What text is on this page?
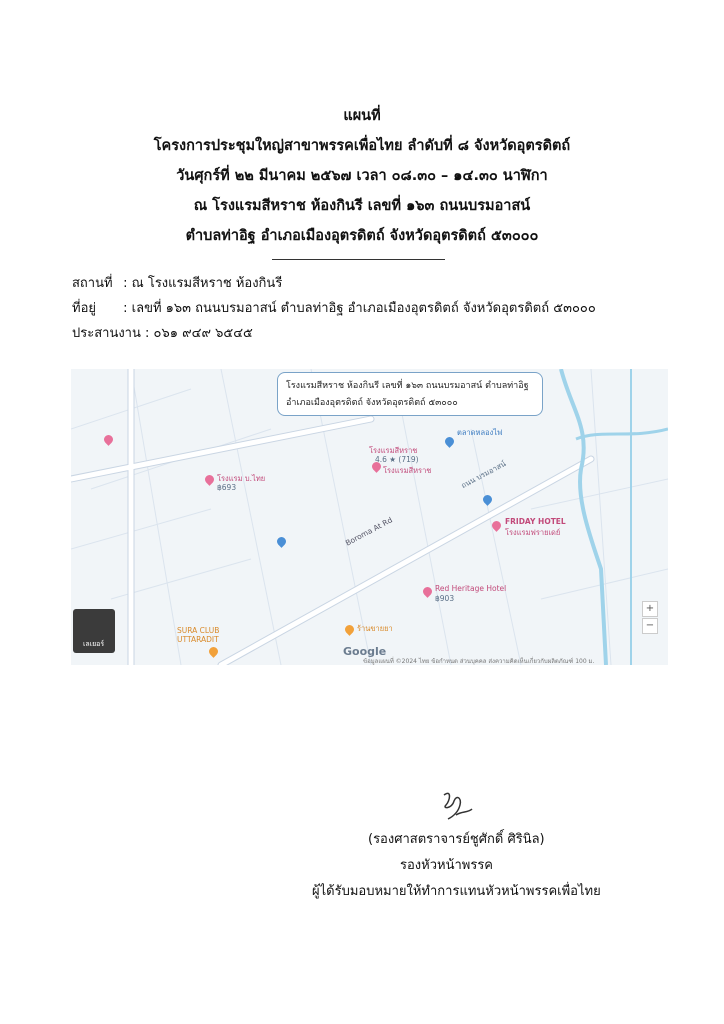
แผนที่
โครงการประชุมใหญ่สาขาพรรคเพื่อไทย ลำดับที่ ๘ จังหวัดอุตรดิตถ์
วันศุกร์ที่ ๒๒ มีนาคม ๒๕๖๗ เวลา ๐๘.๓๐ – ๑๔.๓๐ นาฬิกา
ณ โรงแรมสีหราช ห้องกินรี เลขที่ ๑๖๓ ถนนบรมอาสน์
ตำบลท่าอิฐ อำเภอเมืองอุตรดิตถ์ จังหวัดอุตรดิตถ์ ๕๓๐๐๐
สถานที่ : ณ โรงแรมสีหราช ห้องกินรี
ที่อยู่ : เลขที่ ๑๖๓ ถนนบรมอาสน์ ตำบลท่าอิฐ อำเภอเมืองอุตรดิตถ์ จังหวัดอุตรดิตถ์ ๕๓๐๐๐
ประสานงาน : ๐๖๑ ๙๔๙ ๖๕๔๕
โรงแรมสีหราช ห้องกินรี เลขที่ ๑๖๓ ถนนบรมอาสน์ ตำบลท่าอิฐ
อำเภอเมืองอุตรดิตถ์ จังหวัดอุตรดิตถ์ ๕๓๐๐๐
โรงแรมสีหราช
4.6 ★ (719)
โรงแรมสีหราช
FRIDAY HOTEL
โรงแรมฟรายเดย์
Red Heritage Hotel
฿903
โรงแรม บ.ไทย
฿693
Boroma At Rd
ถนน บรมอาสน์
SURA CLUB
UTTARADIT
ร้านขายยา
ตลาดหลองไฟ
Google
เลเยอร์
+
−
ข้อมูลแผนที่ ©2024 ไทย ข้อกำหนด ส่วนบุคคล ส่งความคิดเห็นเกี่ยวกับผลิตภัณฑ์ 100 ม.
(รองศาสตราจารย์ชูศักดิ์ ศิรินิล)
รองหัวหน้าพรรค
ผู้ได้รับมอบหมายให้ทำการแทนหัวหน้าพรรคเพื่อไทย
